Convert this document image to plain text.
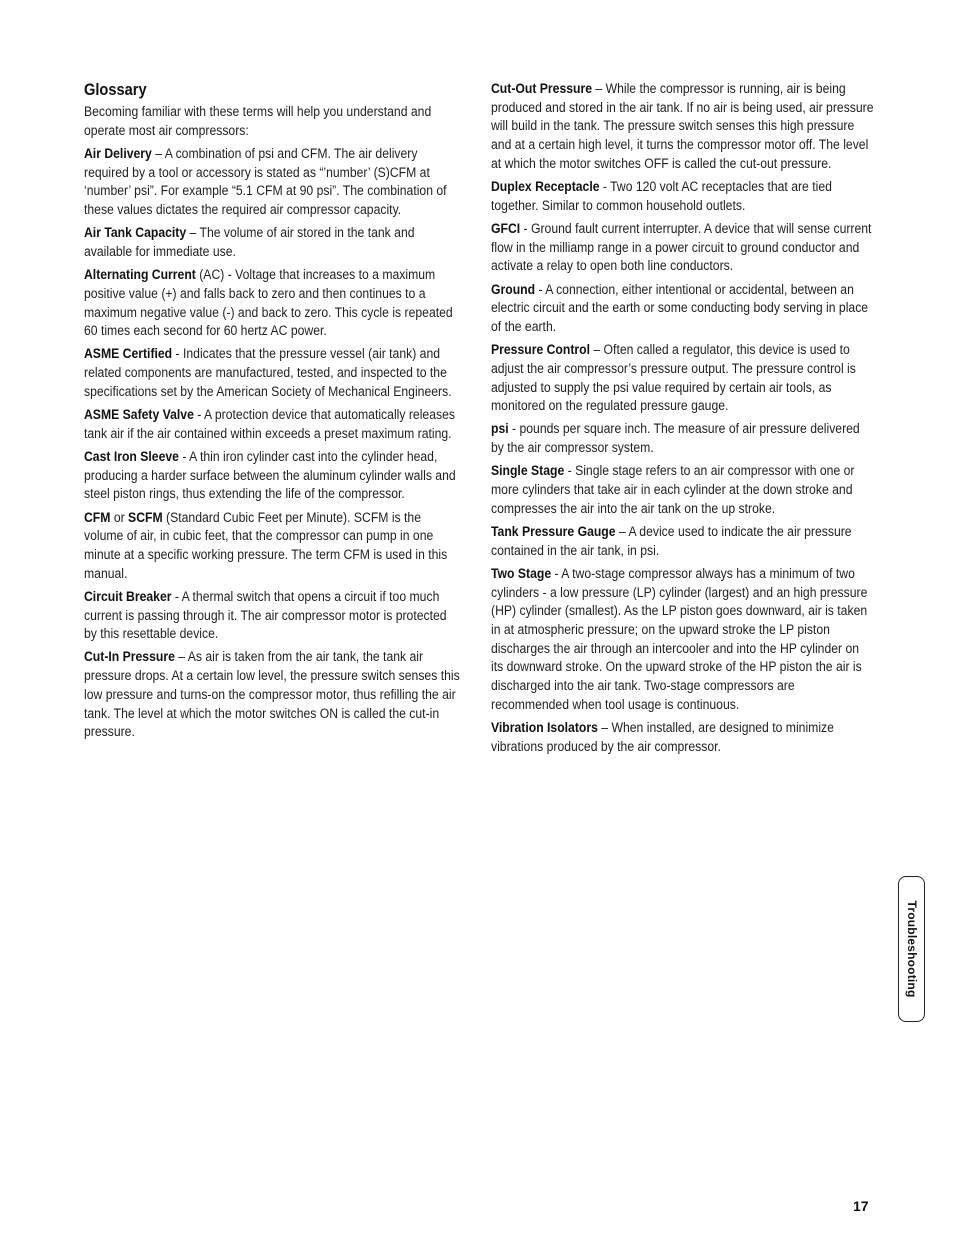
Glossary
Becoming familiar with these terms will help you understand and operate most air compressors:
Air Delivery – A combination of psi and CFM. The air delivery required by a tool or accessory is stated as “’number’ (S)CFM at ‘number’ psi”. For example “5.1 CFM at 90 psi”. The combination of these values dictates the required air compressor capacity.
Air Tank Capacity – The volume of air stored in the tank and available for immediate use.
Alternating Current (AC) - Voltage that increases to a maximum positive value (+) and falls back to zero and then continues to a maximum negative value (-) and back to zero. This cycle is repeated 60 times each second for 60 hertz AC power.
ASME Certified - Indicates that the pressure vessel (air tank) and related components are manufactured, tested, and inspected to the specifications set by the American Society of Mechanical Engineers.
ASME Safety Valve - A protection device that automatically releases tank air if the air contained within exceeds a preset maximum rating.
Cast Iron Sleeve - A thin iron cylinder cast into the cylinder head, producing a harder surface between the aluminum cylinder walls and steel piston rings, thus extending the life of the compressor.
CFM or SCFM (Standard Cubic Feet per Minute). SCFM is the volume of air, in cubic feet, that the compressor can pump in one minute at a specific working pressure. The term CFM is used in this manual.
Circuit Breaker - A thermal switch that opens a circuit if too much current is passing through it. The air compressor motor is protected by this resettable device.
Cut-In Pressure – As air is taken from the air tank, the tank air pressure drops. At a certain low level, the pressure switch senses this low pressure and turns-on the compressor motor, thus refilling the air tank. The level at which the motor switches ON is called the cut-in pressure.
Cut-Out Pressure – While the compressor is running, air is being produced and stored in the air tank. If no air is being used, air pressure will build in the tank. The pressure switch senses this high pressure and at a certain high level, it turns the compressor motor off. The level at which the motor switches OFF is called the cut-out pressure.
Duplex Receptacle - Two 120 volt AC receptacles that are tied together. Similar to common household outlets.
GFCI - Ground fault current interrupter. A device that will sense current flow in the milliamp range in a power circuit to ground conductor and activate a relay to open both line conductors.
Ground - A connection, either intentional or accidental, between an electric circuit and the earth or some conducting body serving in place of the earth.
Pressure Control – Often called a regulator, this device is used to adjust the air compressor’s pressure output. The pressure control is adjusted to supply the psi value required by certain air tools, as monitored on the regulated pressure gauge.
psi - pounds per square inch. The measure of air pressure delivered by the air compressor system.
Single Stage - Single stage refers to an air compressor with one or more cylinders that take air in each cylinder at the down stroke and compresses the air into the air tank on the up stroke.
Tank Pressure Gauge – A device used to indicate the air pressure contained in the air tank, in psi.
Two Stage - A two-stage compressor always has a minimum of two cylinders - a low pressure (LP) cylinder (largest) and an high pressure (HP) cylinder (smallest). As the LP piston goes downward, air is taken in at atmospheric pressure; on the upward stroke the LP piston discharges the air through an intercooler and into the HP cylinder on its downward stroke. On the upward stroke of the HP piston the air is discharged into the air tank. Two-stage compressors are recommended when tool usage is continuous.
Vibration Isolators – When installed, are designed to minimize vibrations produced by the air compressor.
Troubleshooting
17
